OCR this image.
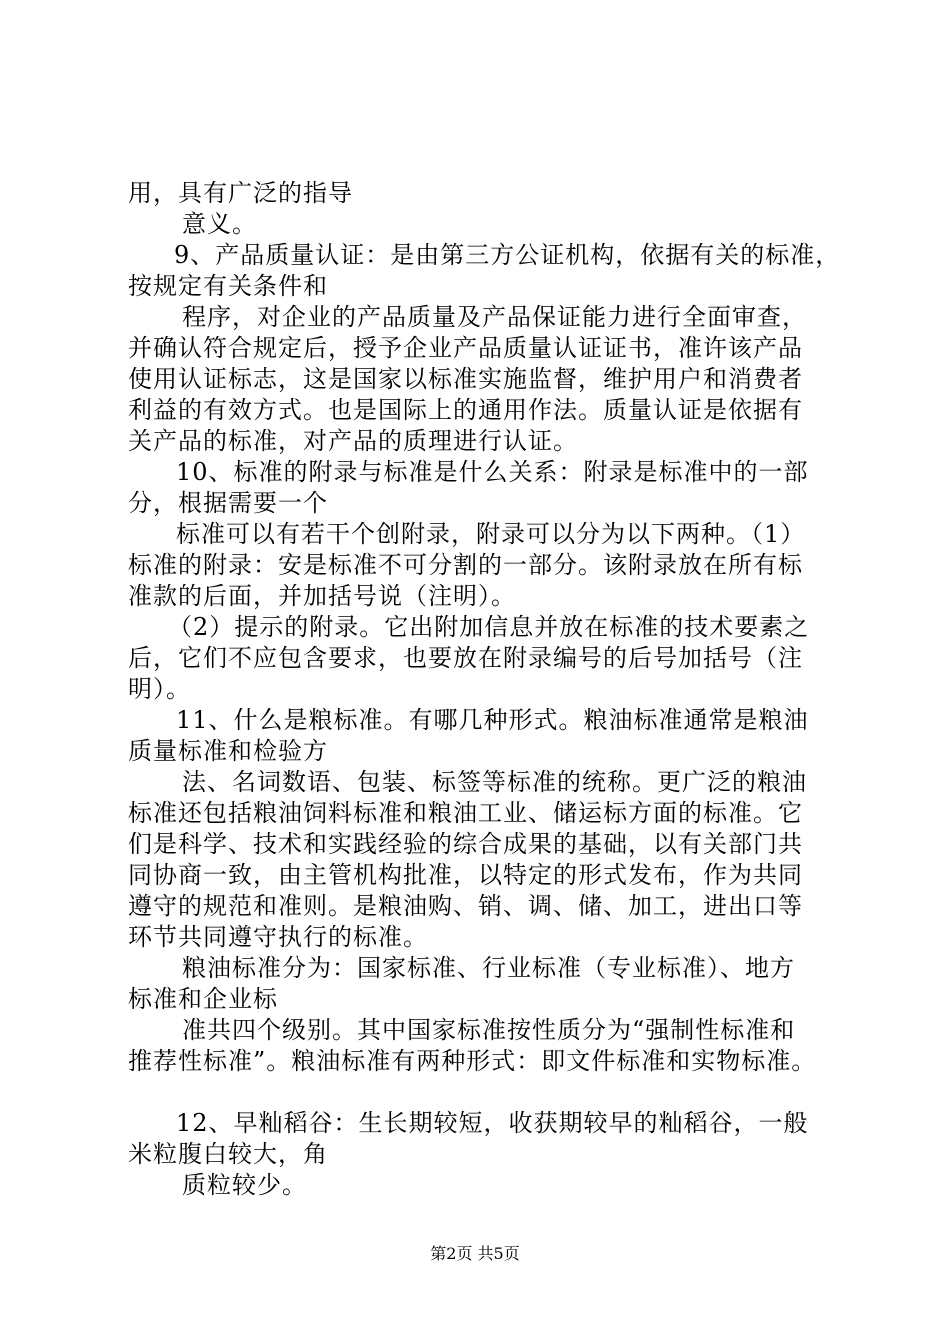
用，具有广泛的指导
意义。
9、产品质量认证：是由第三方公证机构，依据有关的标准，
按规定有关条件和
程序，对企业的产品质量及产品保证能力进行全面审查，
并确认符合规定后，授予企业产品质量认证证书，准许该产品
使用认证标志，这是国家以标准实施监督，维护用户和消费者
利益的有效方式。也是国际上的通用作法。质量认证是依据有
关产品的标准，对产品的质理进行认证。
10、标准的附录与标准是什么关系：附录是标准中的一部
分，根据需要一个
标准可以有若干个创附录，附录可以分为以下两种。（1）
标准的附录：安是标准不可分割的一部分。该附录放在所有标
准款的后面，并加括号说（注明）。
（2）提示的附录。它出附加信息并放在标准的技术要素之
后，它们不应包含要求，也要放在附录编号的后号加括号（注
明）。
11、什么是粮标准。有哪几种形式。粮油标准通常是粮油
质量标准和检验方
法、名词数语、包装、标签等标准的统称。更广泛的粮油
标准还包括粮油饲料标准和粮油工业、储运标方面的标准。它
们是科学、技术和实践经验的综合成果的基础，以有关部门共
同协商一致，由主管机构批准，以特定的形式发布，作为共同
遵守的规范和准则。是粮油购、销、调、储、加工，进出口等
环节共同遵守执行的标准。
粮油标准分为：国家标准、行业标准（专业标准）、地方
标准和企业标
准共四个级别。其中国家标准按性质分为“强制性标准和
推荐性标准”。粮油标准有两种形式：即文件标准和实物标准。
12、早籼稻谷：生长期较短，收获期较早的籼稻谷，一般
米粒腹白较大，角
质粒较少。
第2页 共5页
